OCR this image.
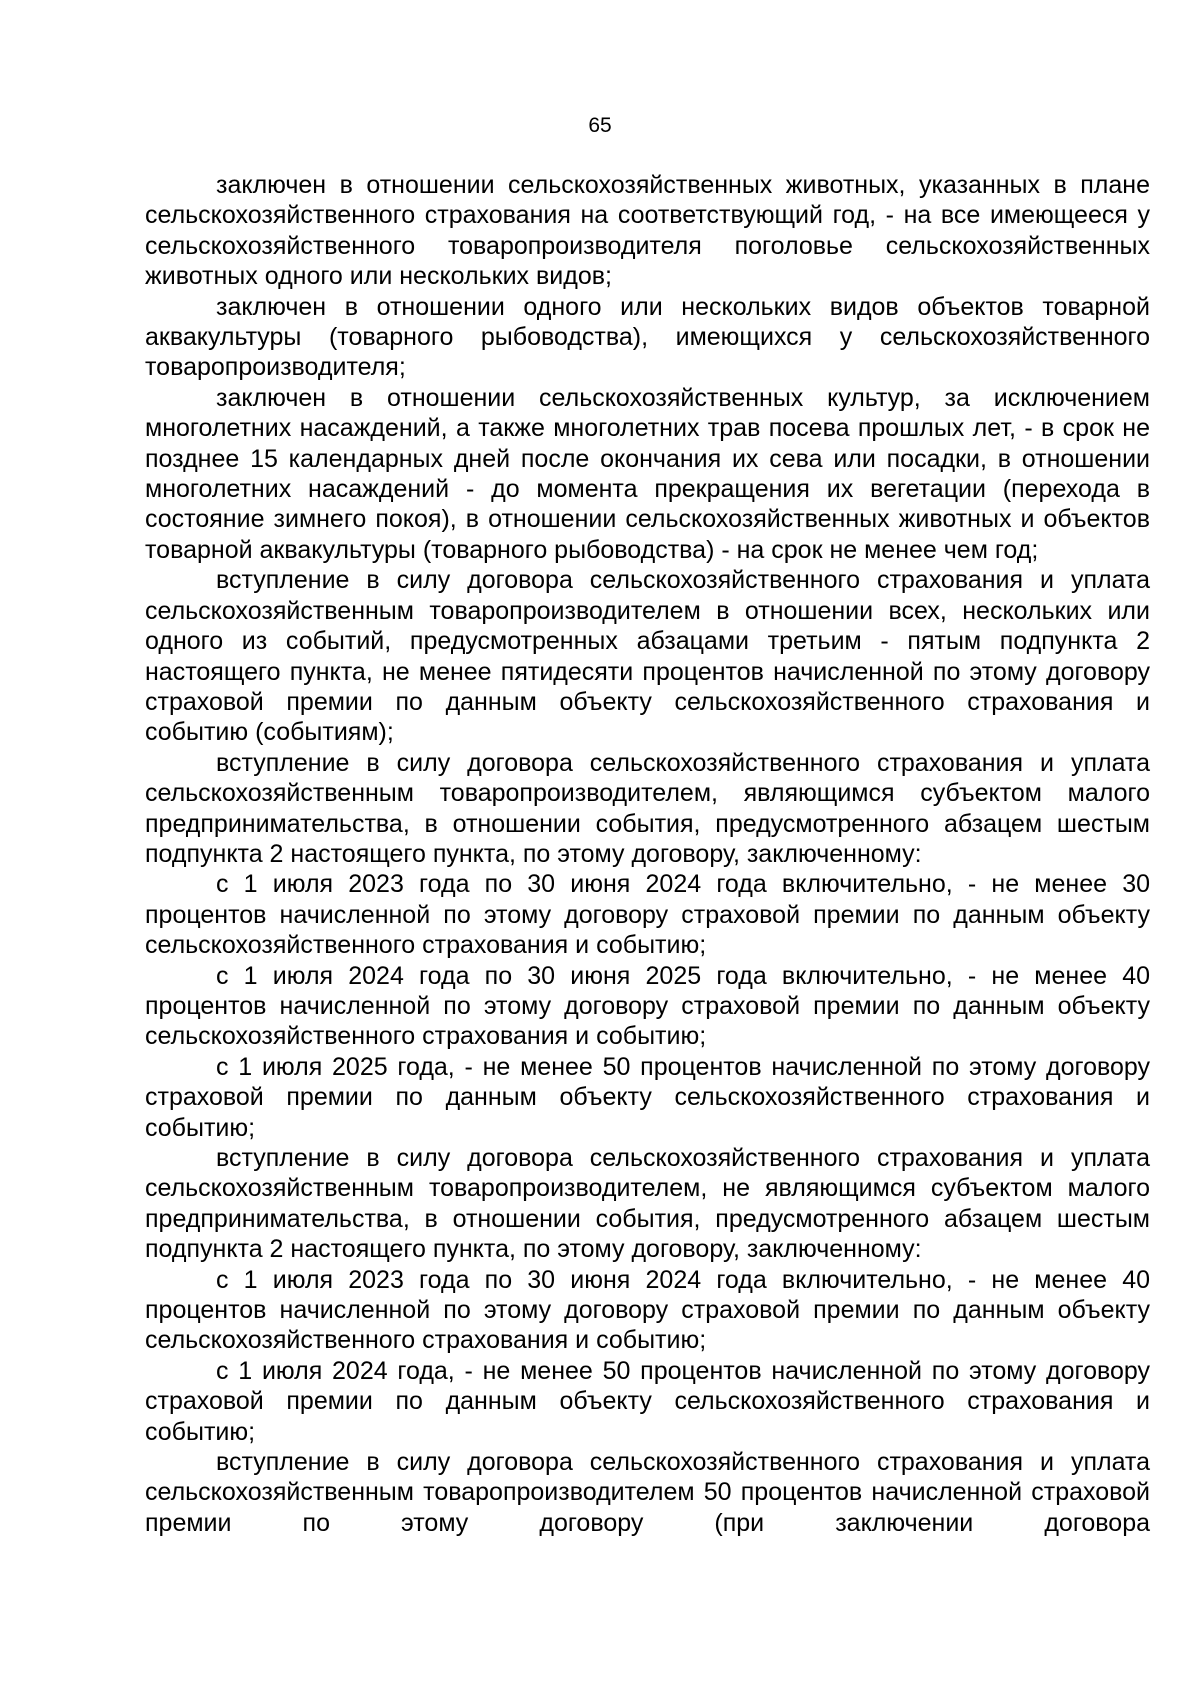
65

заключен в отношении сельскохозяйственных животных, указанных в плане сельскохозяйственного страхования на соответствующий год, - на все имеющееся у сельскохозяйственного товаропроизводителя поголовье сельскохозяйственных животных одного или нескольких видов;

заключен в отношении одного или нескольких видов объектов товарной аквакультуры (товарного рыбоводства), имеющихся у сельскохозяйственного товаропроизводителя;

заключен в отношении сельскохозяйственных культур, за исключением многолетних насаждений, а также многолетних трав посева прошлых лет, - в срок не позднее 15 календарных дней после окончания их сева или посадки, в отношении многолетних насаждений - до момента прекращения их вегетации (перехода в состояние зимнего покоя), в отношении сельскохозяйственных животных и объектов товарной аквакультуры (товарного рыбоводства) - на срок не менее чем год;

вступление в силу договора сельскохозяйственного страхования и уплата сельскохозяйственным товаропроизводителем в отношении всех, нескольких или одного из событий, предусмотренных абзацами третьим - пятым подпункта 2 настоящего пункта, не менее пятидесяти процентов начисленной по этому договору страховой премии по данным объекту сельскохозяйственного страхования и событию (событиям);

вступление в силу договора сельскохозяйственного страхования и уплата сельскохозяйственным товаропроизводителем, являющимся субъектом малого предпринимательства, в отношении события, предусмотренного абзацем шестым подпункта 2 настоящего пункта, по этому договору, заключенному:

с 1 июля 2023 года по 30 июня 2024 года включительно, - не менее 30 процентов начисленной по этому договору страховой премии по данным объекту сельскохозяйственного страхования и событию;

с 1 июля 2024 года по 30 июня 2025 года включительно, - не менее 40 процентов начисленной по этому договору страховой премии по данным объекту сельскохозяйственного страхования и событию;

с 1 июля 2025 года, - не менее 50 процентов начисленной по этому договору страховой премии по данным объекту сельскохозяйственного страхования и событию;

вступление в силу договора сельскохозяйственного страхования и уплата сельскохозяйственным товаропроизводителем, не являющимся субъектом малого предпринимательства, в отношении события, предусмотренного абзацем шестым подпункта 2 настоящего пункта, по этому договору, заключенному:

с 1 июля 2023 года по 30 июня 2024 года включительно, - не менее 40 процентов начисленной по этому договору страховой премии по данным объекту сельскохозяйственного страхования и событию;

с 1 июля 2024 года, - не менее 50 процентов начисленной по этому договору страховой премии по данным объекту сельскохозяйственного страхования и событию;

вступление в силу договора сельскохозяйственного страхования и уплата сельскохозяйственным товаропроизводителем 50 процентов начисленной страховой премии по этому договору (при заключении договора
